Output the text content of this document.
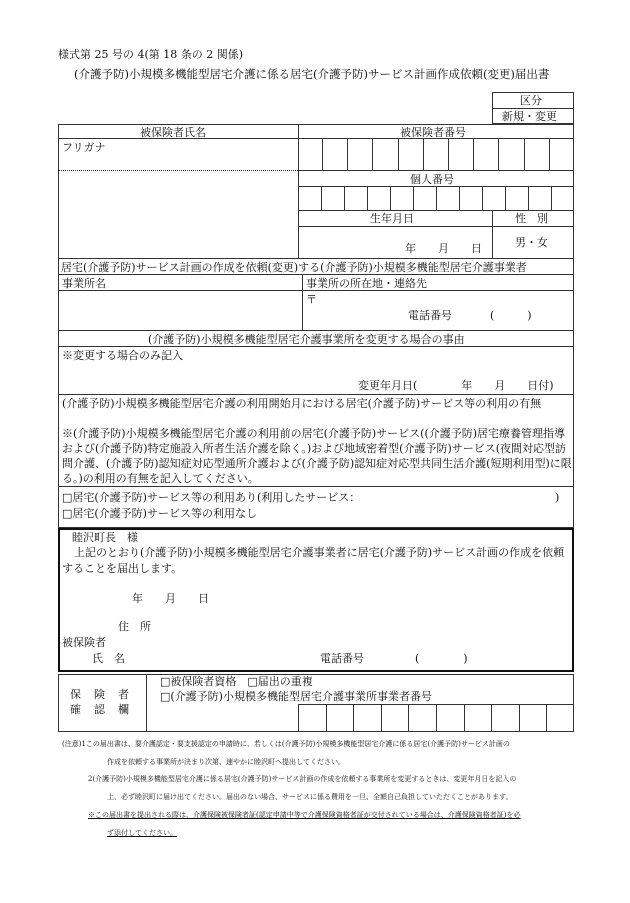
様式第 25 号の 4(第 18 条の 2 関係)
(介護予防)小規模多機能型居宅介護に係る居宅(介護予防)サービス計画作成依頼(変更)届出書
区分
新規・変更
被保険者氏名	被保険者番号
フリガナ
個人番号
生年月日	性　別
年　　月　　日	男・女
居宅(介護予防)サービス計画の作成を依頼(変更)する(介護予防)小規模多機能型居宅介護事業者
事業所名	事業所の所在地・連絡先
〒
電話番号	(　　　)
(介護予防)小規模多機能型居宅介護事業所を変更する場合の事由
※変更する場合のみ記入
変更年月日(　　　　年　　月　　日付)
(介護予防)小規模多機能型居宅介護の利用開始月における居宅(介護予防)サービス等の利用の有無
※(介護予防)小規模多機能型居宅介護の利用前の居宅(介護予防)サービス((介護予防)居宅療養管理指導および(介護予防)特定施設入所者生活介護を除く。)および地域密着型(介護予防)サービス(夜間対応型訪問介護、(介護予防)認知症対応型通所介護および(介護予防)認知症対応型共同生活介護(短期利用型)に限る。)の利用の有無を記入してください。
□居宅(介護予防)サービス等の利用あり(利用したサービス：	)
□居宅(介護予防)サービス等の利用なし
睦沢町長　様
上記のとおり(介護予防)小規模多機能型居宅介護事業者に居宅(介護予防)サービス計画の作成を依頼することを届出します。
年　　月　　日
住　所
被保険者
氏　名	電話番号	(　　　　)
保　険　者
確　認　欄
□被保険者資格　□届出の重複
□(介護予防)小規模多機能型居宅介護事業所事業者番号
(注意)1この届出書は、要介護認定・要支援認定の申請時に、若しくは(介護予防)小規模多機能型居宅介護に係る居宅(介護予防)サービス計画の
作成を依頼する事業所が決まり次第、速やかに睦沢町へ提出してください。
2(介護予防)小規模多機能型居宅介護に係る居宅(介護予防)サービス計画の作成を依頼する事業所を変更するときは、変更年月日を記入の
上、必ず睦沢町に届け出てください。届出のない場合、サービスに係る費用を一旦、全額自己負担していただくことがあります。
※この届出書を提出される際は、介護保険被保険者証(認定申請中等で介護保険資格者証が交付されている場合は、介護保険資格者証)を必
ず添付してください。
